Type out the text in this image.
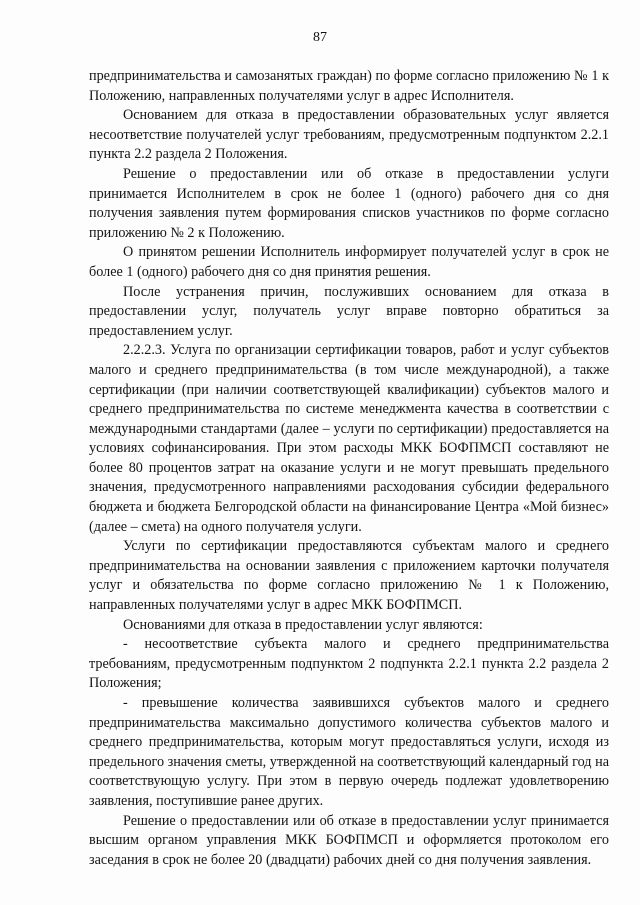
87

предпринимательства и самозанятых граждан) по форме согласно приложению № 1 к Положению, направленных получателями услуг в адрес Исполнителя.

Основанием для отказа в предоставлении образовательных услуг является несоответствие получателей услуг требованиям, предусмотренным подпунктом 2.2.1 пункта 2.2 раздела 2 Положения.

Решение о предоставлении или об отказе в предоставлении услуги принимается Исполнителем в срок не более 1 (одного) рабочего дня со дня получения заявления путем формирования списков участников по форме согласно приложению № 2 к Положению.

О принятом решении Исполнитель информирует получателей услуг в срок не более 1 (одного) рабочего дня со дня принятия решения.

После устранения причин, послуживших основанием для отказа в предоставлении услуг, получатель услуг вправе повторно обратиться за предоставлением услуг.

2.2.2.3. Услуга по организации сертификации товаров, работ и услуг субъектов малого и среднего предпринимательства (в том числе международной), а также сертификации (при наличии соответствующей квалификации) субъектов малого и среднего предпринимательства по системе менеджмента качества в соответствии с международными стандартами (далее – услуги по сертификации) предоставляется на условиях софинансирования. При этом расходы МКК БОФПМСП составляют не более 80 процентов затрат на оказание услуги и не могут превышать предельного значения, предусмотренного направлениями расходования субсидии федерального бюджета и бюджета Белгородской области на финансирование Центра «Мой бизнес» (далее – смета) на одного получателя услуги.

Услуги по сертификации предоставляются субъектам малого и среднего предпринимательства на основании заявления с приложением карточки получателя услуг и обязательства по форме согласно приложению № 1 к Положению, направленных получателями услуг в адрес МКК БОФПМСП.

Основаниями для отказа в предоставлении услуг являются:

- несоответствие субъекта малого и среднего предпринимательства требованиям, предусмотренным подпунктом 2 подпункта 2.2.1 пункта 2.2 раздела 2 Положения;

- превышение количества заявившихся субъектов малого и среднего предпринимательства максимально допустимого количества субъектов малого и среднего предпринимательства, которым могут предоставляться услуги, исходя из предельного значения сметы, утвержденной на соответствующий календарный год на соответствующую услугу. При этом в первую очередь подлежат удовлетворению заявления, поступившие ранее других.

Решение о предоставлении или об отказе в предоставлении услуг принимается высшим органом управления МКК БОФПМСП и оформляется протоколом его заседания в срок не более 20 (двадцати) рабочих дней со дня получения заявления.
